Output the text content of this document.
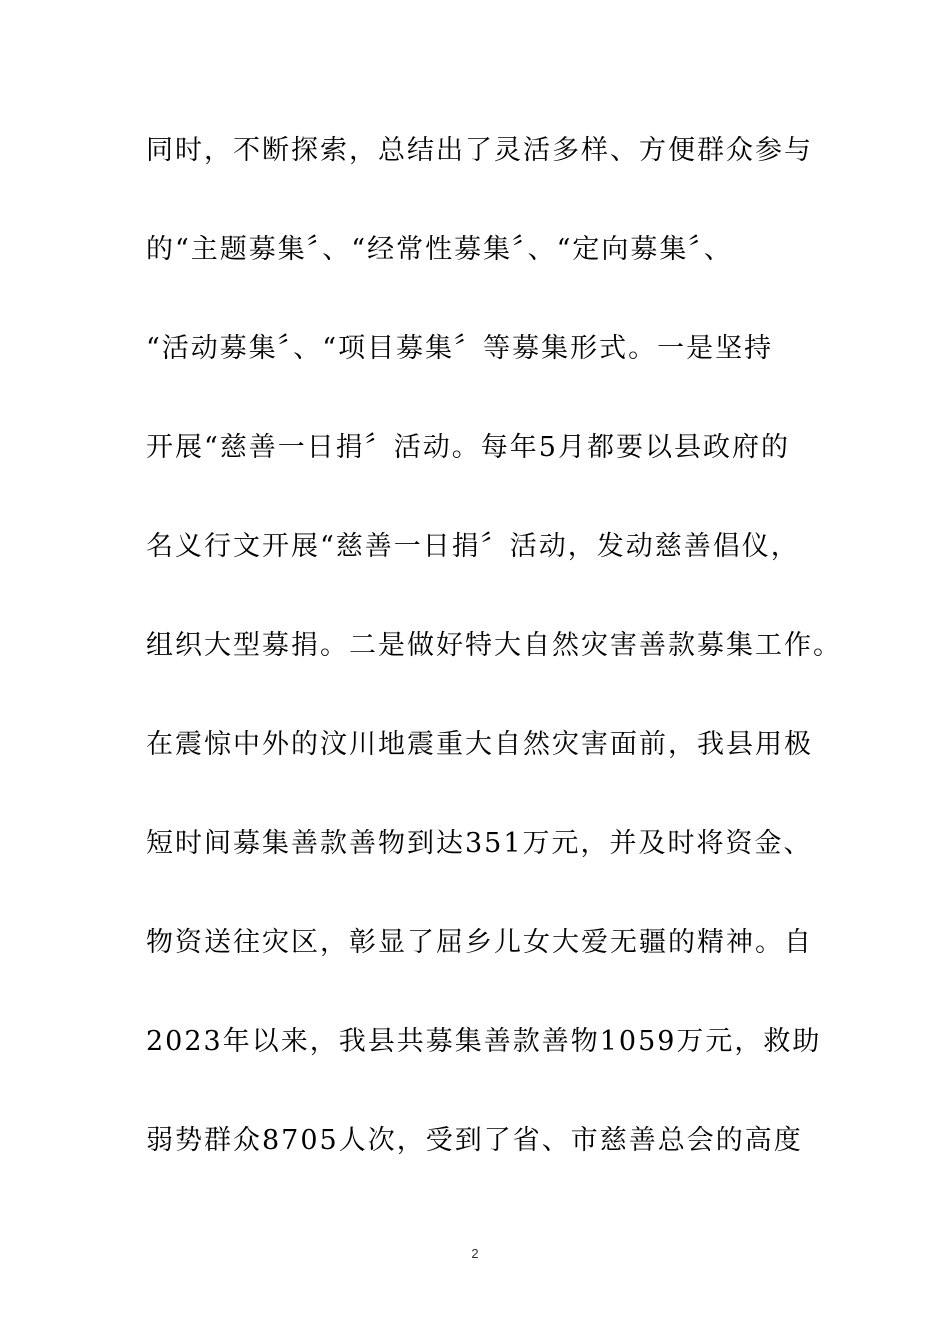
同时，不断探索，总结出了灵活多样、方便群众参与
的“主题募集〞、“经常性募集〞、“定向募集〞、
“活动募集〞、“项目募集〞等募集形式。一是坚持
开展“慈善一日捐〞活动。每年5月都要以县政府的
名义行文开展“慈善一日捐〞活动，发动慈善倡仪，
组织大型募捐。二是做好特大自然灾害善款募集工作。
在震惊中外的汶川地震重大自然灾害面前，我县用极
短时间募集善款善物到达351万元，并及时将资金、
物资送往灾区，彰显了屈乡儿女大爱无疆的精神。自
2023年以来，我县共募集善款善物1059万元，救助
弱势群众8705人次，受到了省、市慈善总会的高度
2
